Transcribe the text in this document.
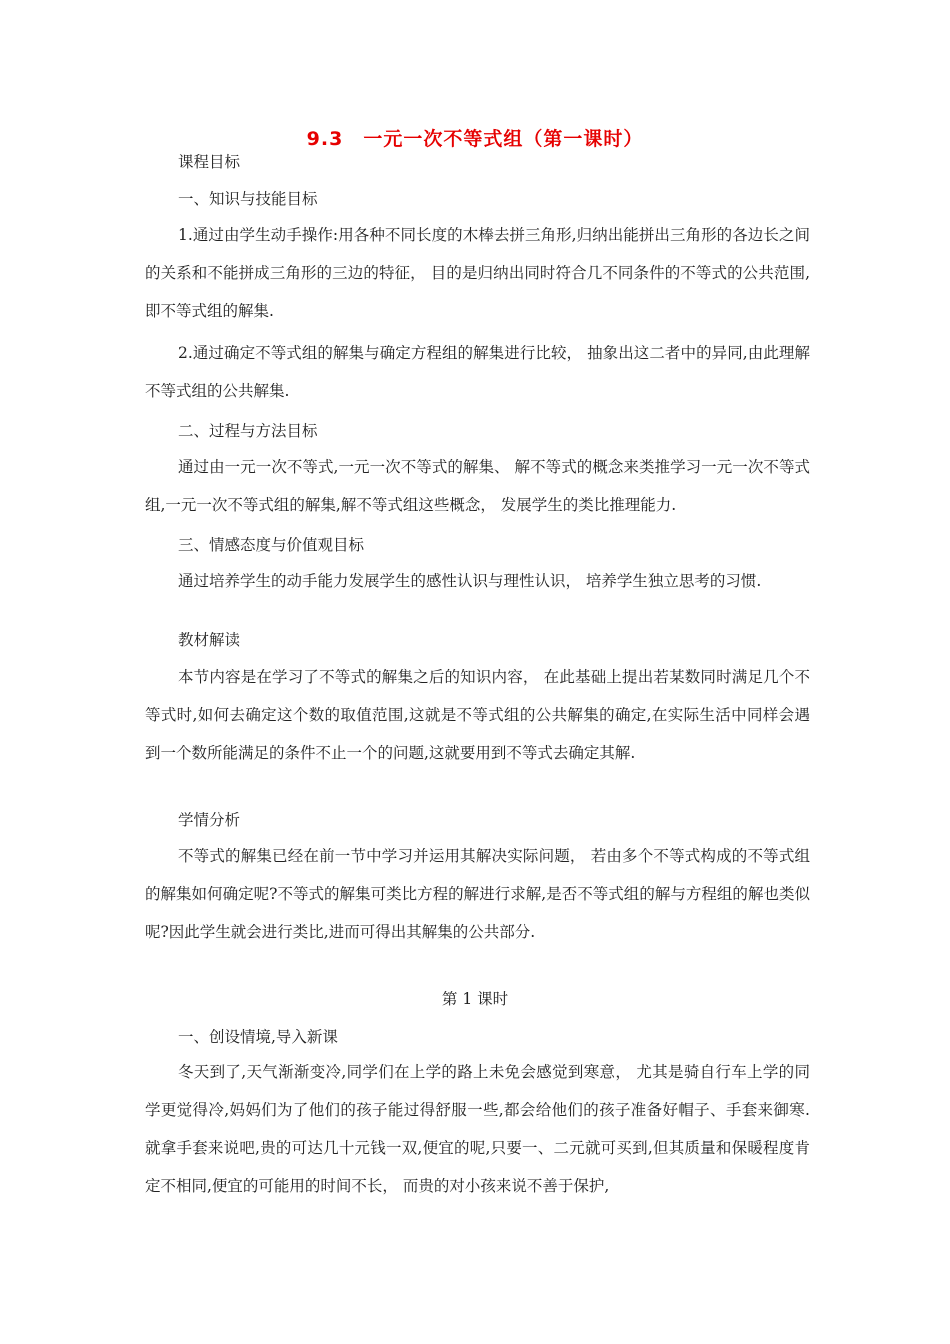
9.3　一元一次不等式组（第一课时）
课程目标
一、知识与技能目标
1.通过由学生动手操作:用各种不同长度的木棒去拼三角形,归纳出能拼出三角形的各边长之间的关系和不能拼成三角形的三边的特征， 目的是归纳出同时符合几不同条件的不等式的公共范围,即不等式组的解集.
2.通过确定不等式组的解集与确定方程组的解集进行比较， 抽象出这二者中的异同,由此理解不等式组的公共解集.
二、过程与方法目标
通过由一元一次不等式,一元一次不等式的解集、 解不等式的概念来类推学习一元一次不等式组,一元一次不等式组的解集,解不等式组这些概念， 发展学生的类比推理能力.
三、情感态度与价值观目标
通过培养学生的动手能力发展学生的感性认识与理性认识， 培养学生独立思考的习惯.
教材解读
本节内容是在学习了不等式的解集之后的知识内容， 在此基础上提出若某数同时满足几个不等式时,如何去确定这个数的取值范围,这就是不等式组的公共解集的确定,在实际生活中同样会遇到一个数所能满足的条件不止一个的问题,这就要用到不等式去确定其解.
学情分析
不等式的解集已经在前一节中学习并运用其解决实际问题， 若由多个不等式构成的不等式组的解集如何确定呢?不等式的解集可类比方程的解进行求解,是否不等式组的解与方程组的解也类似呢?因此学生就会进行类比,进而可得出其解集的公共部分.
第 1 课时
一、创设情境,导入新课
冬天到了,天气渐渐变冷,同学们在上学的路上未免会感觉到寒意， 尤其是骑自行车上学的同学更觉得冷,妈妈们为了他们的孩子能过得舒服一些,都会给他们的孩子准备好帽子、手套来御寒.就拿手套来说吧,贵的可达几十元钱一双,便宜的呢,只要一、二元就可买到,但其质量和保暖程度肯定不相同,便宜的可能用的时间不长， 而贵的对小孩来说不善于保护,
